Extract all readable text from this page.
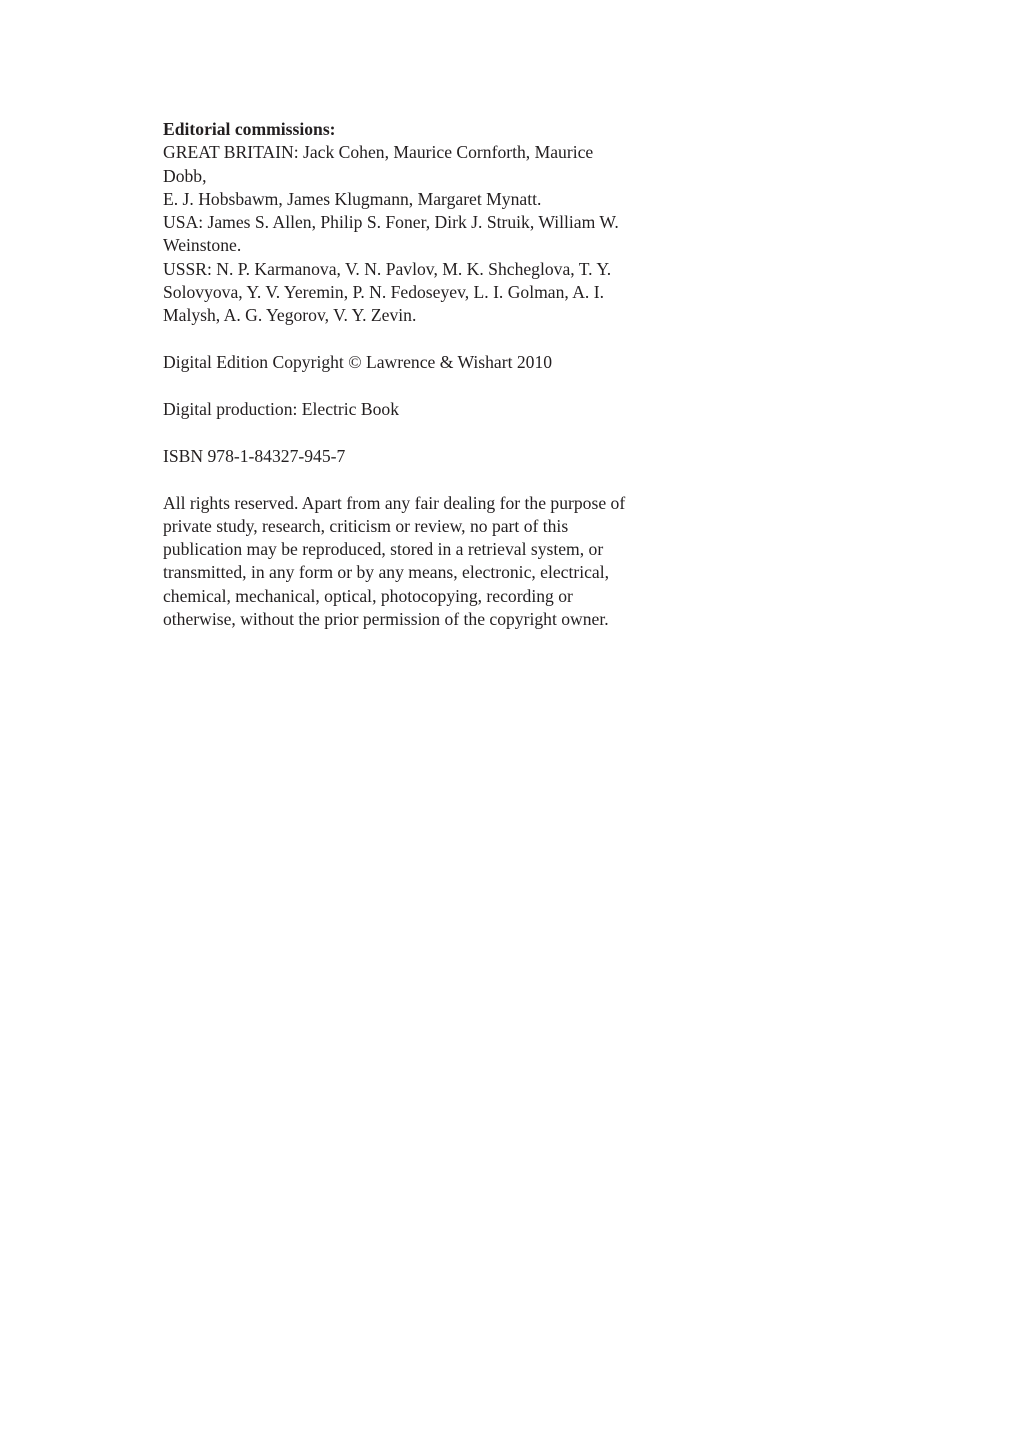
Editorial commissions:
GREAT BRITAIN: Jack Cohen, Maurice Cornforth, Maurice
Dobb,
E. J. Hobsbawm, James Klugmann, Margaret Mynatt.
USA: James S. Allen, Philip S. Foner, Dirk J. Struik, William W.
Weinstone.
USSR: N. P. Karmanova, V. N. Pavlov, M. K. Shcheglova, T. Y.
Solovyova, Y. V. Yeremin, P. N. Fedoseyev, L. I. Golman, A. I.
Malysh, A. G. Yegorov, V. Y. Zevin.
Digital Edition Copyright © Lawrence & Wishart 2010
Digital production: Electric Book
ISBN 978-1-84327-945-7
All rights reserved. Apart from any fair dealing for the purpose of
private study, research, criticism or review, no part of this
publication may be reproduced, stored in a retrieval system, or
transmitted, in any form or by any means, electronic, electrical,
chemical, mechanical, optical, photocopying, recording or
otherwise, without the prior permission of the copyright owner.
